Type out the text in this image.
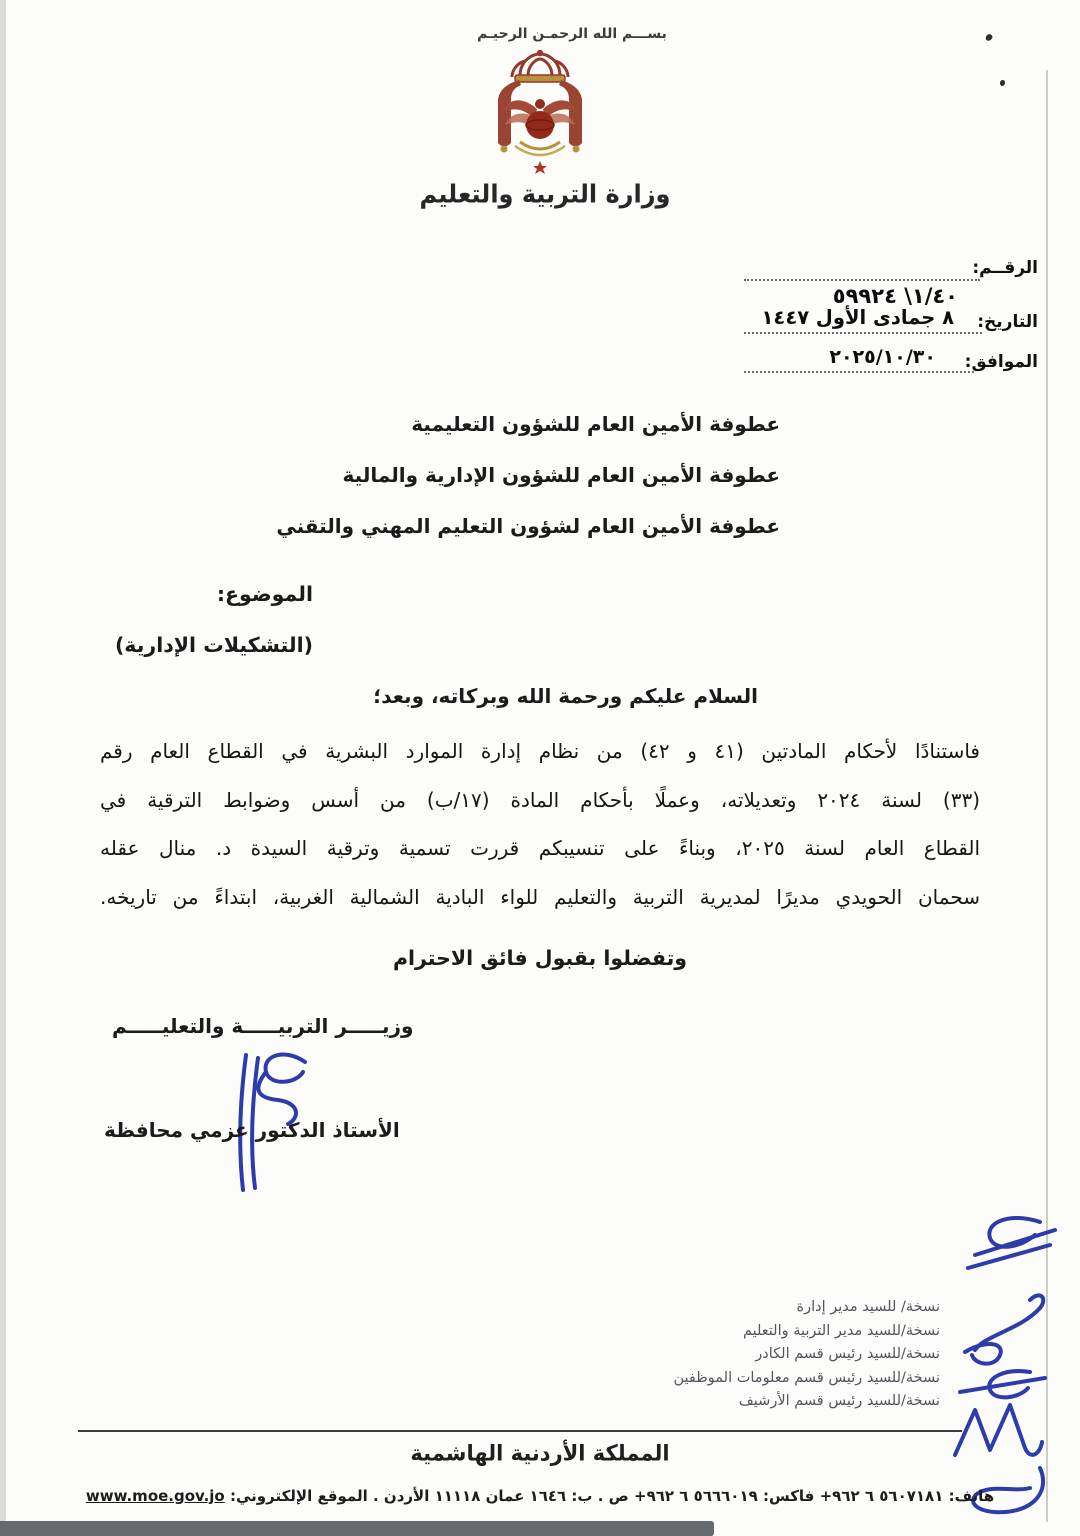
بســـم الله الرحمـن الرحيـم
وزارة التربية والتعليم
الرقــم:
١/٤٠\ ٥٩٩٢٤
التاريخ:
٨ جمادى الأول ١٤٤٧
الموافق:
٢٠٢٥/١٠/٣٠
عطوفة الأمين العام للشؤون التعليمية
عطوفة الأمين العام للشؤون الإدارية والمالية
عطوفة الأمين العام لشؤون التعليم المهني والتقني
الموضوع:
(التشكيلات الإدارية)
السلام عليكم ورحمة الله وبركاته، وبعد؛
فاستنادًا لأحكام المادتين (٤١ و ٤٢) من نظام إدارة الموارد البشرية في القطاع العام رقم
(٣٣) لسنة ٢٠٢٤ وتعديلاته، وعملًا بأحكام المادة (١٧/ب) من أسس وضوابط الترقية في
القطاع العام لسنة ٢٠٢٥، وبناءً على تنسيبكم قررت تسمية وترقية السيدة د. منال عقله
سحمان الحويدي مديرًا لمديرية التربية والتعليم للواء البادية الشمالية الغربية، ابتداءً من تاريخه.
وتفضلوا بقبول فائق الاحترام
وزيـــــر التربيـــــة والتعليـــــم
الأستاذ الدكتور عزمي محافظة
نسخة/ للسيد مدير إدارة
نسخة/للسيد مدير التربية والتعليم
نسخة/للسيد رئيس قسم الكادر
نسخة/للسيد رئيس قسم معلومات الموظفين
نسخة/للسيد رئيس قسم الأرشيف
المملكة الأردنية الهاشمية
هاتف: ٥٦٠٧١٨١ ٦ ٩٦٢+ فاكس: ٥٦٦٦٠١٩ ٦ ٩٦٢+ ص . ب: ١٦٤٦ عمان ١١١١٨ الأردن . الموقع الإلكتروني: www.moe.gov.jo
